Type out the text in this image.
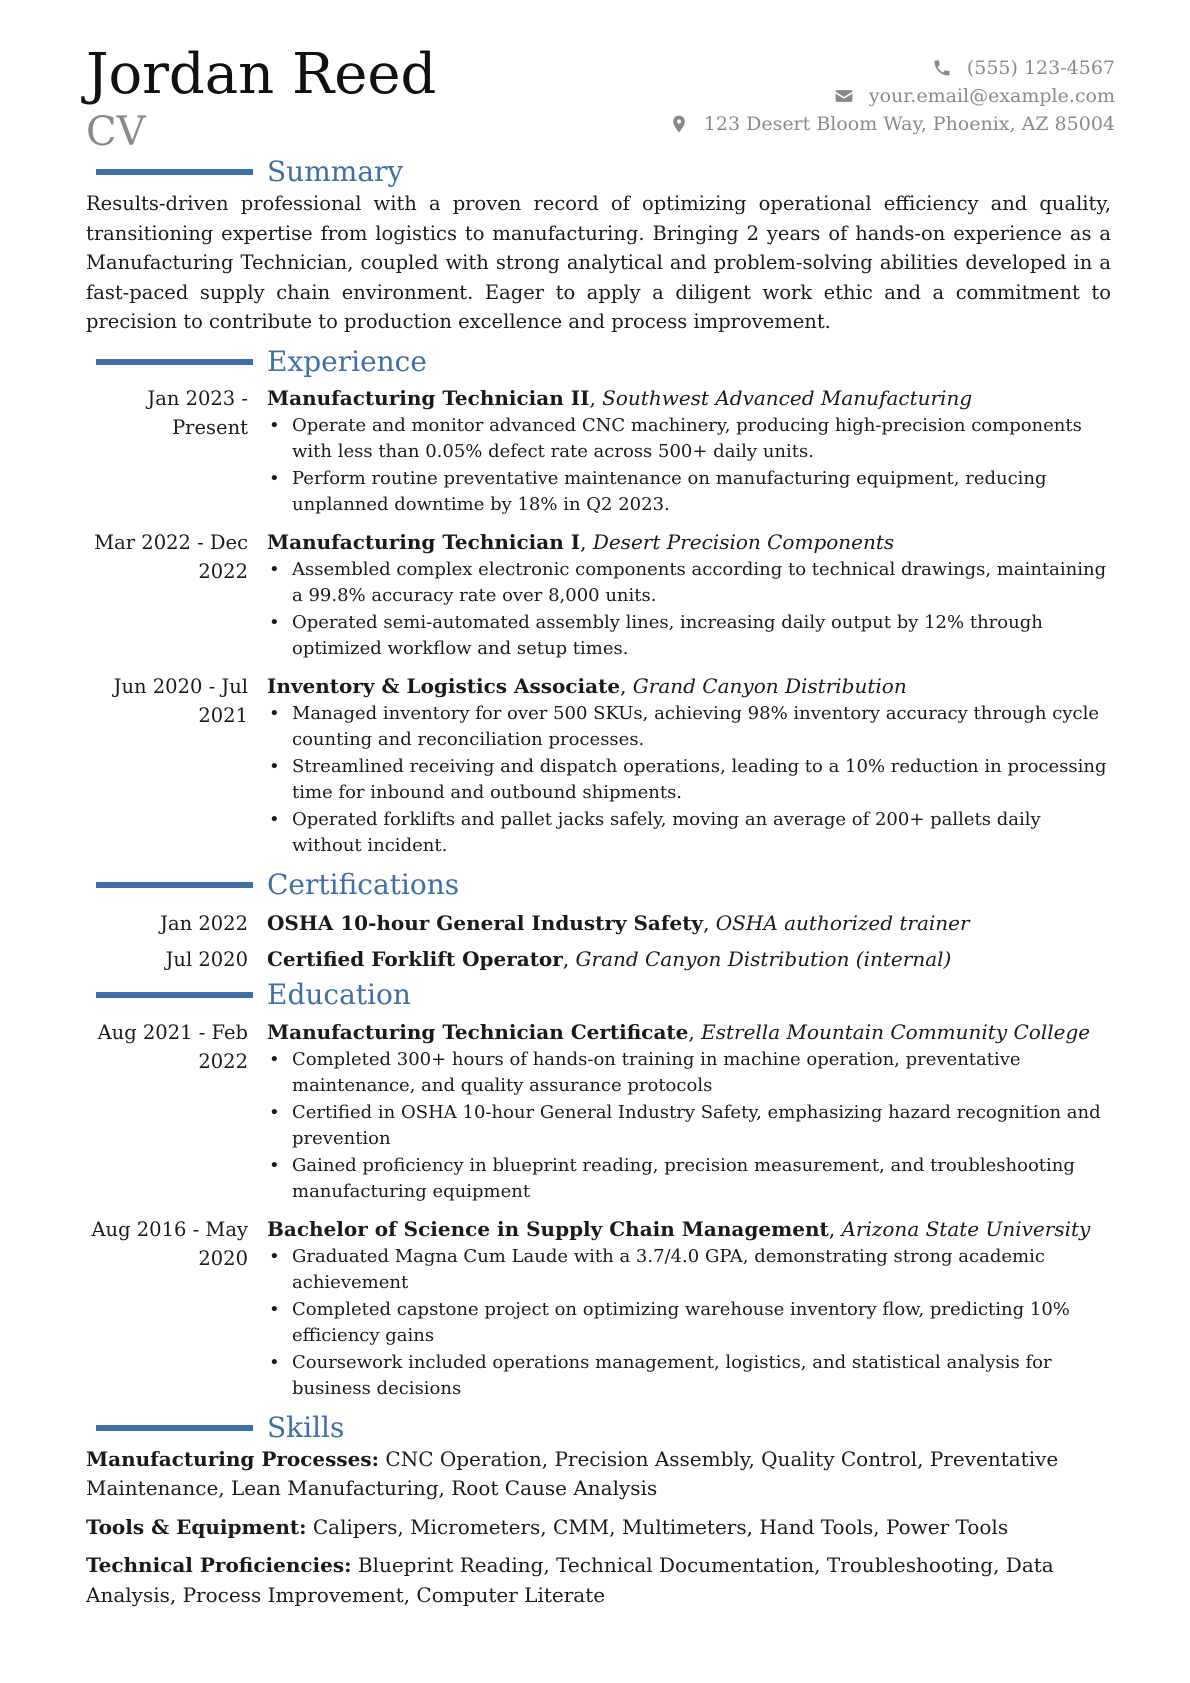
Jordan Reed
CV
(555) 123-4567
your.email@example.com
123 Desert Bloom Way, Phoenix, AZ 85004
Summary
Results-driven professional with a proven record of optimizing operational efficiency and quality, transitioning expertise from logistics to manufacturing. Bringing 2 years of hands-on experience as a Manufacturing Technician, coupled with strong analytical and problem-solving abilities developed in a fast-paced supply chain environment. Eager to apply a diligent work ethic and a commitment to precision to contribute to production excellence and process improvement.
Experience
Jan 2023 - Present
Manufacturing Technician II, Southwest Advanced Manufacturing
• Operate and monitor advanced CNC machinery, producing high-precision components with less than 0.05% defect rate across 500+ daily units.
• Perform routine preventative maintenance on manufacturing equipment, reducing unplanned downtime by 18% in Q2 2023.
Mar 2022 - Dec 2022
Manufacturing Technician I, Desert Precision Components
• Assembled complex electronic components according to technical drawings, maintaining a 99.8% accuracy rate over 8,000 units.
• Operated semi-automated assembly lines, increasing daily output by 12% through optimized workflow and setup times.
Jun 2020 - Jul 2021
Inventory & Logistics Associate, Grand Canyon Distribution
• Managed inventory for over 500 SKUs, achieving 98% inventory accuracy through cycle counting and reconciliation processes.
• Streamlined receiving and dispatch operations, leading to a 10% reduction in processing time for inbound and outbound shipments.
• Operated forklifts and pallet jacks safely, moving an average of 200+ pallets daily without incident.
Certifications
Jan 2022 OSHA 10-hour General Industry Safety, OSHA authorized trainer
Jul 2020 Certified Forklift Operator, Grand Canyon Distribution (internal)
Education
Aug 2021 - Feb 2022
Manufacturing Technician Certificate, Estrella Mountain Community College
• Completed 300+ hours of hands-on training in machine operation, preventative maintenance, and quality assurance protocols
• Certified in OSHA 10-hour General Industry Safety, emphasizing hazard recognition and prevention
• Gained proficiency in blueprint reading, precision measurement, and troubleshooting manufacturing equipment
Aug 2016 - May 2020
Bachelor of Science in Supply Chain Management, Arizona State University
• Graduated Magna Cum Laude with a 3.7/4.0 GPA, demonstrating strong academic achievement
• Completed capstone project on optimizing warehouse inventory flow, predicting 10% efficiency gains
• Coursework included operations management, logistics, and statistical analysis for business decisions
Skills
Manufacturing Processes: CNC Operation, Precision Assembly, Quality Control, Preventative Maintenance, Lean Manufacturing, Root Cause Analysis
Tools & Equipment: Calipers, Micrometers, CMM, Multimeters, Hand Tools, Power Tools
Technical Proficiencies: Blueprint Reading, Technical Documentation, Troubleshooting, Data Analysis, Process Improvement, Computer Literate
